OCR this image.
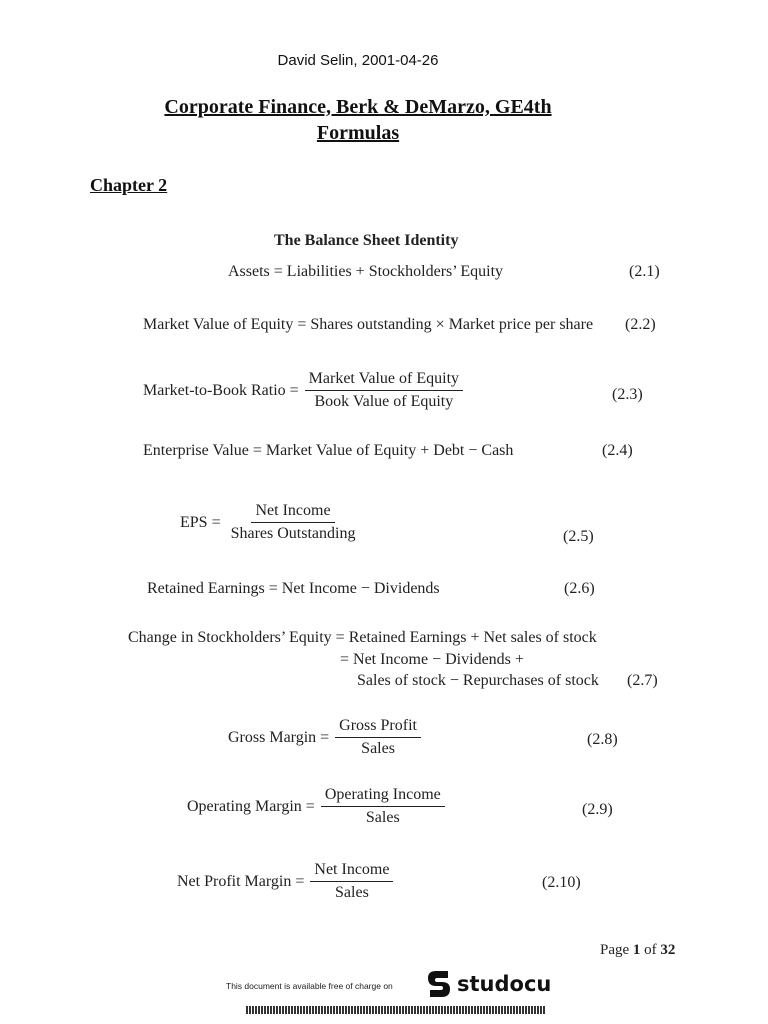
David Selin, 2001-04-26
Corporate Finance, Berk & DeMarzo, GE4th
Formulas
Chapter 2
The Balance Sheet Identity
Assets = Liabilities + Stockholders’ Equity	(2.1)
Market Value of Equity = Shares outstanding × Market price per share (2.2)
Market-to-Book Ratio = $\frac{\text{Market Value of Equity}}{\text{Book Value of Equity}}$	(2.3)
Enterprise Value = Market Value of Equity + Debt − Cash	(2.4)
EPS = $\frac{\text{Net Income}}{\text{Shares Outstanding}}$	(2.5)
Retained Earnings = Net Income − Dividends	(2.6)
Change in Stockholders’ Equity = Retained Earnings + Net sales of stock
= Net Income − Dividends +
Sales of stock − Repurchases of stock (2.7)
Gross Margin = $\frac{\text{Gross Profit}}{\text{Sales}}$	(2.8)
Operating Margin = $\frac{\text{Operating Income}}{\text{Sales}}$	(2.9)
Net Profit Margin = $\frac{\text{Net Income}}{\text{Sales}}$	(2.10)
Page 1 of 32
This document is available free of charge on	studocu
